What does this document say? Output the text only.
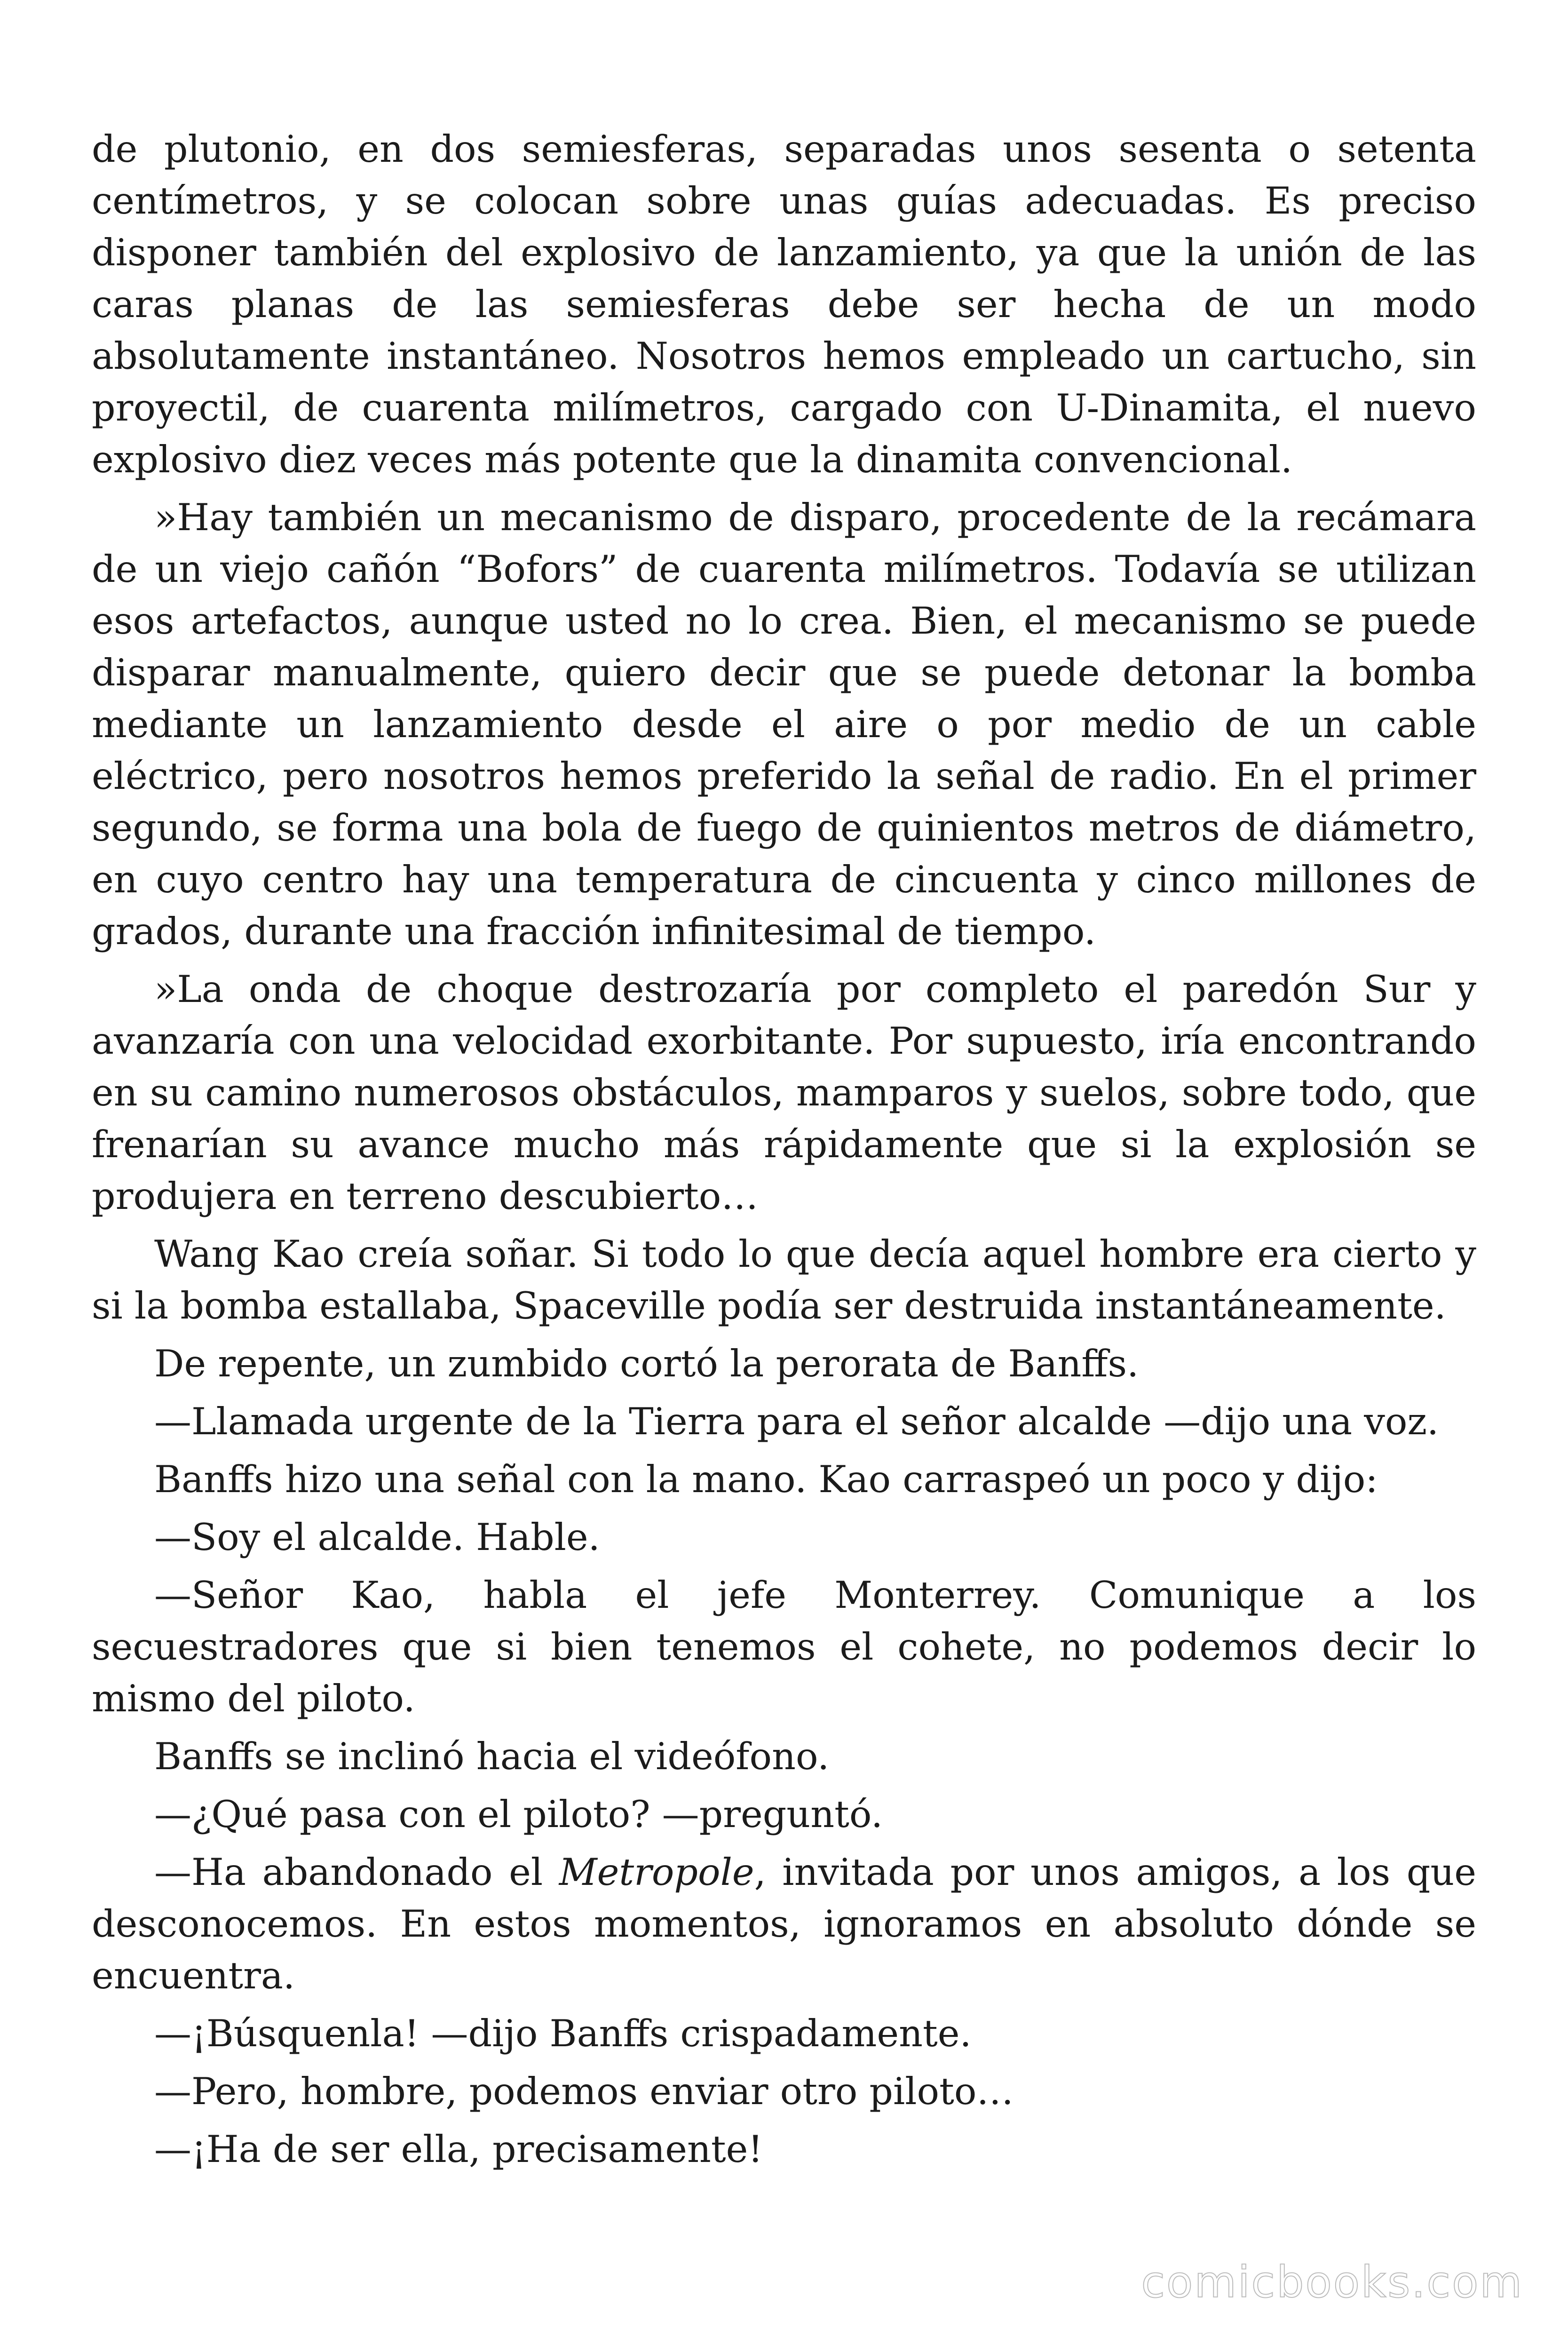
de plutonio, en dos semiesferas, separadas unos sesenta o setenta centímetros, y se colocan sobre unas guías adecuadas. Es preciso disponer también del explosivo de lanzamiento, ya que la unión de las caras planas de las semiesferas debe ser hecha de un modo absolutamente instantáneo. Nosotros hemos empleado un cartucho, sin proyectil, de cuarenta milímetros, cargado con U-Dinamita, el nuevo explosivo diez veces más potente que la dinamita convencional.

»Hay también un mecanismo de disparo, procedente de la recámara de un viejo cañón “Bofors” de cuarenta milímetros. Todavía se utilizan esos artefactos, aunque usted no lo crea. Bien, el mecanismo se puede disparar manualmente, quiero decir que se puede detonar la bomba mediante un lanzamiento desde el aire o por medio de un cable eléctrico, pero nosotros hemos preferido la señal de radio. En el primer segundo, se forma una bola de fuego de quinientos metros de diámetro, en cuyo centro hay una temperatura de cincuenta y cinco millones de grados, durante una fracción infinitesimal de tiempo.

»La onda de choque destrozaría por completo el paredón Sur y avanzaría con una velocidad exorbitante. Por supuesto, iría encontrando en su camino numerosos obstáculos, mamparos y suelos, sobre todo, que frenarían su avance mucho más rápidamente que si la explosión se produjera en terreno descubierto…

Wang Kao creía soñar. Si todo lo que decía aquel hombre era cierto y si la bomba estallaba, Spaceville podía ser destruida instantáneamente.

De repente, un zumbido cortó la perorata de Banffs.

—Llamada urgente de la Tierra para el señor alcalde —dijo una voz.

Banffs hizo una señal con la mano. Kao carraspeó un poco y dijo:

—Soy el alcalde. Hable.

—Señor Kao, habla el jefe Monterrey. Comunique a los secuestradores que si bien tenemos el cohete, no podemos decir lo mismo del piloto.

Banffs se inclinó hacia el videófono.

—¿Qué pasa con el piloto? —preguntó.

—Ha abandonado el Metropole, invitada por unos amigos, a los que desconocemos. En estos momentos, ignoramos en absoluto dónde se encuentra.

—¡Búsquenla! —dijo Banffs crispadamente.

—Pero, hombre, podemos enviar otro piloto…

—¡Ha de ser ella, precisamente!

comicbooks.com
